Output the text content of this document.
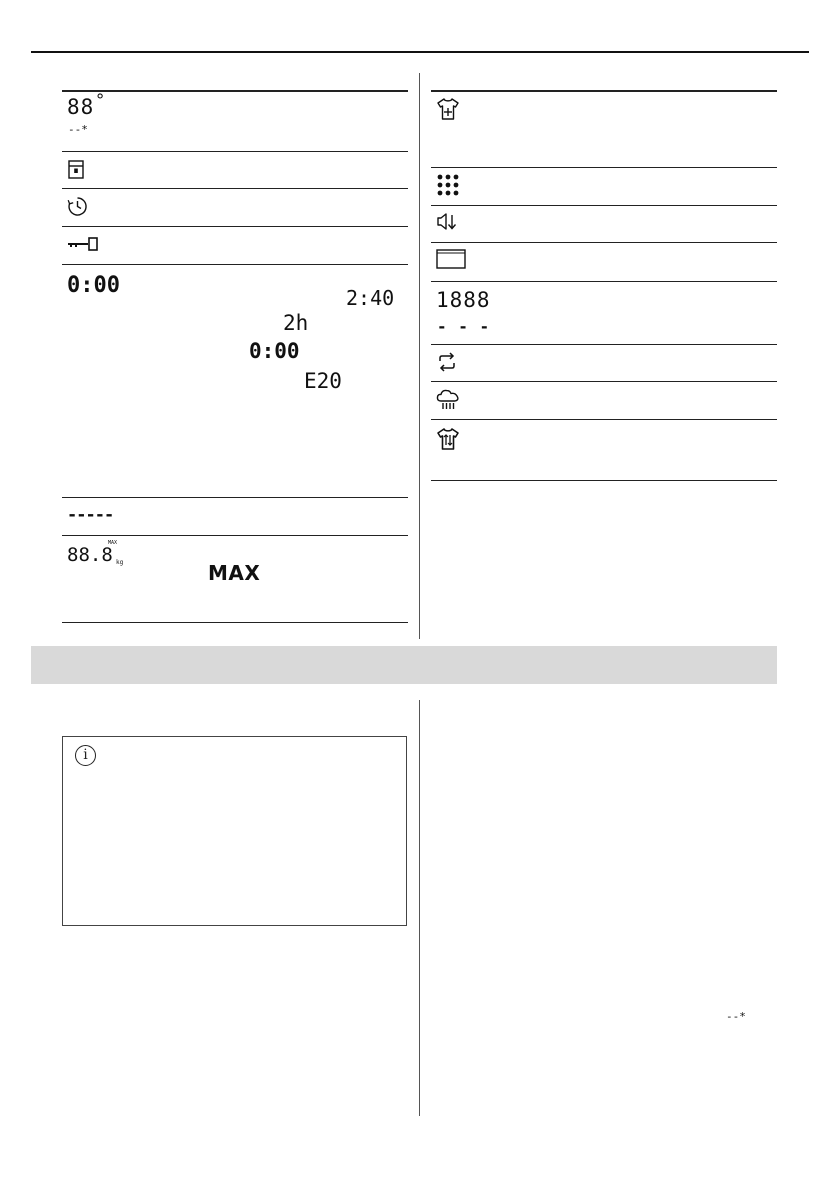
88 °
--*
0:00	2:40
2h
0:00
E20
-----
88.8
MAX
kg	MAX
1888
- - -
i
--*
